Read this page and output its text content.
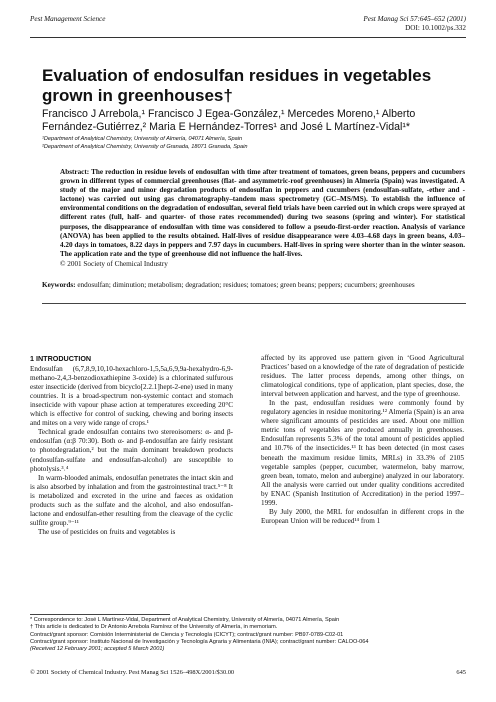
Pest Management Science	Pest Manag Sci 57:645–652 (2001)
DOI: 10.1002/ps.332
Evaluation of endosulfan residues in vegetables grown in greenhouses†
Francisco J Arrebola,¹ Francisco J Egea-González,¹ Mercedes Moreno,¹ Alberto Fernández-Gutiérrez,² Maria E Hernández-Torres¹ and José L Martínez-Vidal¹*
¹Department of Analytical Chemistry, University of Almería, 04071 Almería, Spain
²Department of Analytical Chemistry, University of Granada, 18071 Granada, Spain
Abstract: The reduction in residue levels of endosulfan with time after treatment of tomatoes, green beans, peppers and cucumbers grown in different types of commercial greenhouses (flat- and asymmetric-roof greenhouses) in Almería (Spain) was investigated. A study of the major and minor degradation products of endosulfan in peppers and cucumbers (endosulfan-sulfate, -ether and -lactone) was carried out using gas chromatography–tandem mass spectrometry (GC–MS/MS). To establish the influence of environmental conditions on the degradation of endosulfan, several field trials have been carried out in which crops were sprayed at different rates (full, half- and quarter- of those rates recommended) during two seasons (spring and winter). For statistical purposes, the disappearance of endosulfan with time was considered to follow a pseudo-first-order reaction. Analysis of variance (ANOVA) has been applied to the results obtained. Half-lives of residue disappearance were 4.03–4.68 days in green beans, 4.03–4.20 days in tomatoes, 8.22 days in peppers and 7.97 days in cucumbers. Half-lives in spring were shorter than in the winter season. The application rate and the type of greenhouse did not influence the half-lives.
© 2001 Society of Chemical Industry
Keywords: endosulfan; diminution; metabolism; degradation; residues; tomatoes; green beans; peppers; cucumbers; greenhouses
1 INTRODUCTION

Endosulfan (6,7,8,9,10,10-hexachloro-1,5,5a,6,9,9a-hexahydro-6,9-methano-2,4,3-benzodioxathiepine 3-oxide) is a chlorinated sulfurous ester insecticide (derived from bicyclo[2.2.1]hept-2-ene) used in many countries. It is a broad-spectrum non-systemic contact and stomach insecticide with vapour phase action at temperatures exceeding 20°C which is effective for control of sucking, chewing and boring insects and mites on a very wide range of crops.¹

Technical grade endosulfan contains two stereoisomers: α- and β-endosulfan (α:β 70:30). Both α- and β-endosulfan are fairly resistant to photodegradation,² but the main dominant breakdown products (endosulfan-sulfate and endosulfan-alcohol) are susceptible to photolysis.³˒⁴

In warm-blooded animals, endosulfan penetrates the intact skin and is also absorbed by inhalation and from the gastrointestinal tract.⁵⁻⁸ It is metabolized and excreted in the urine and faeces as oxidation products such as the sulfate and the alcohol, and also endosulfan-lactone and endosulfan-ether resulting from the cleavage of the cyclic sulfite group.⁹⁻¹¹

The use of pesticides on fruits and vegetables is

affected by its approved use pattern given in ‘Good Agricultural Practices’ based on a knowledge of the rate of degradation of pesticide residues. The latter process depends, among other things, on climatological conditions, type of application, plant species, dose, the interval between application and harvest, and the type of greenhouse.

In the past, endosulfan residues were commonly found by regulatory agencies in residue monitoring.¹² Almería (Spain) is an area where significant amounts of pesticides are used. About one million metric tons of vegetables are produced annually in greenhouses. Endosulfan represents 5.3% of the total amount of pesticides applied and 10.7% of the insecticides.¹³ It has been detected (in most cases beneath the maximum residue limits, MRLs) in 33.3% of 2105 vegetable samples (pepper, cucumber, watermelon, baby marrow, green bean, tomato, melon and aubergine) analyzed in our laboratory. All the analysis were carried out under quality conditions accredited by ENAC (Spanish Institution of Accreditation) in the period 1997–1999.

By July 2000, the MRL for endosulfan in different crops in the European Union will be reduced¹⁴ from 1

* Correspondence to: José L Martínez-Vidal, Department of Analytical Chemistry, University of Almería, 04071 Almería, Spain
† This article is dedicated to Dr Antonio Arrebola Ramírez of the University of Almería, in memoriam.
Contract/grant sponsor: Comisión Interministerial de Ciencia y Tecnología (CICYT); contract/grant number: PB97-0789-C02-01
Contract/grant sponsor: Instituto Nacional de Investigación y Tecnología Agraria y Alimentaria (INIA); contract/grant number: CALOO-064
(Received 12 February 2001; accepted 5 March 2001)
© 2001 Society of Chemical Industry. Pest Manag Sci 1526–498X/2001/$30.00	645
